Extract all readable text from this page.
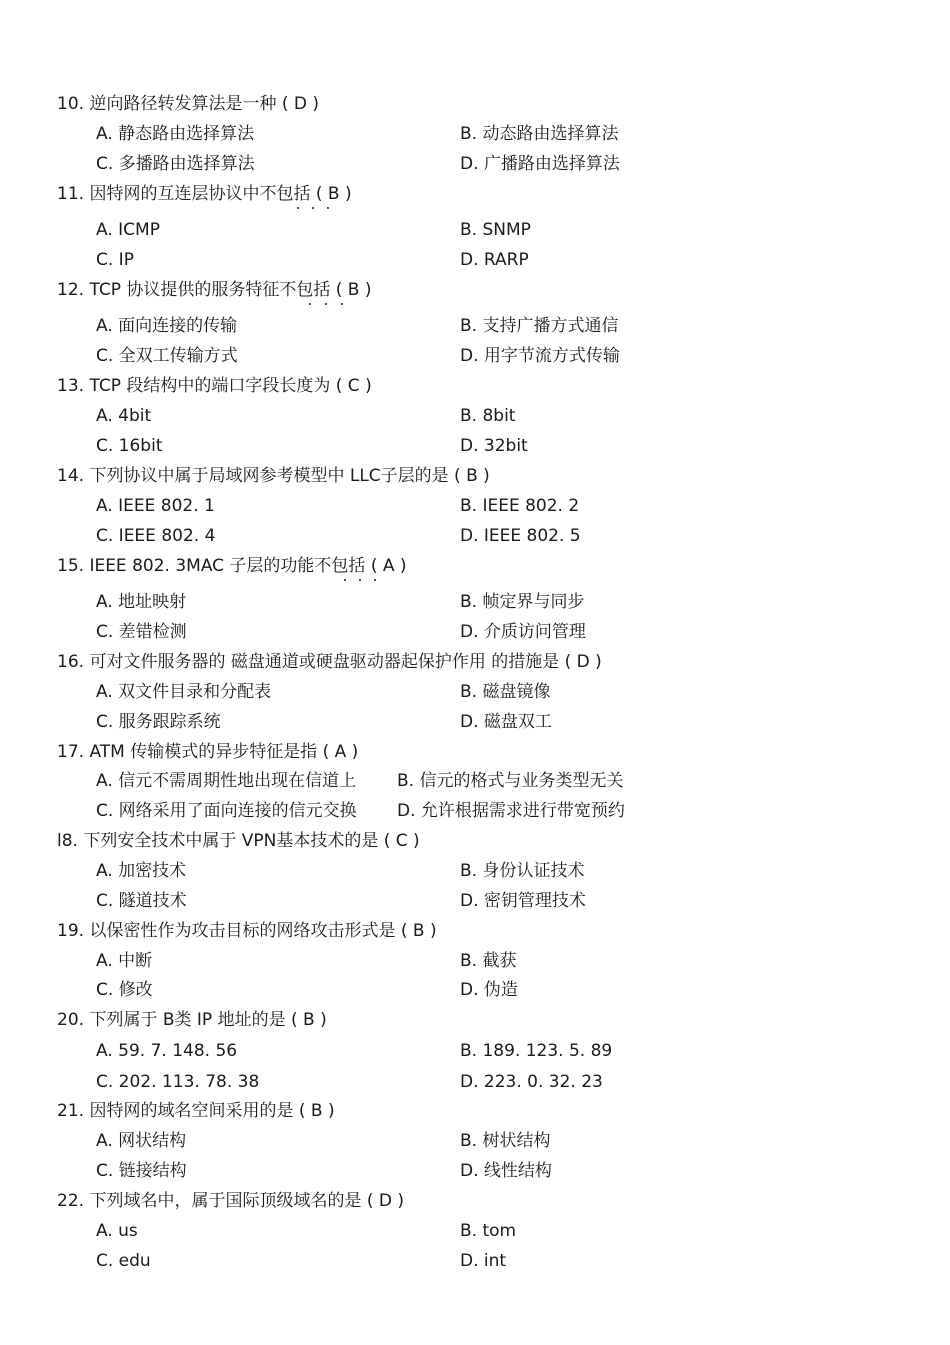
10. 逆向路径转发算法是一种 ( D )
A. 静态路由选择算法	B. 动态路由选择算法
C. 多播路由选择算法	D. 广播路由选择算法
11. 因特网的互连层协议中不包括 ( B )
A. ICMP	B. SNMP
C. IP	D. RARP
12. TCP 协议提供的服务特征不包括 ( B )
A. 面向连接的传输	B. 支持广播方式通信
C. 全双工传输方式	D. 用字节流方式传输
13. TCP 段结构中的端口字段长度为 ( C )
A. 4bit	B. 8bit
C. 16bit	D. 32bit
14. 下列协议中属于局域网参考模型中 LLC子层的是 ( B )
A. IEEE 802. 1	B. IEEE 802. 2
C. IEEE 802. 4	D. IEEE 802. 5
15. IEEE 802. 3MAC 子层的功能不包括 ( A )
A. 地址映射	B. 帧定界与同步
C. 差错检测	D. 介质访问管理
16. 可对文件服务器的 磁盘通道或硬盘驱动器起保护作用 的措施是 ( D )
A. 双文件目录和分配表	B. 磁盘镜像
C. 服务跟踪系统	D. 磁盘双工
17. ATM 传输模式的异步特征是指 ( A )
A. 信元不需周期性地出现在信道上 B. 信元的格式与业务类型无关
C. 网络采用了面向连接的信元交换 D. 允许根据需求进行带宽预约
l8. 下列安全技术中属于 VPN基本技术的是 ( C )
A. 加密技术	B. 身份认证技术
C. 隧道技术	D. 密钥管理技术
19. 以保密性作为攻击目标的网络攻击形式是 ( B )
A. 中断	B. 截获
C. 修改	D. 伪造
20. 下列属于 B类 IP 地址的是 ( B )
A. 59. 7. 148. 56	B. 189. 123. 5. 89
C. 202. 113. 78. 38	D. 223. 0. 32. 23
21. 因特网的域名空间采用的是 ( B )
A. 网状结构	B. 树状结构
C. 链接结构	D. 线性结构
22. 下列域名中，属于国际顶级域名的是 ( D )
A. us	B. tom
C. edu	D. int
